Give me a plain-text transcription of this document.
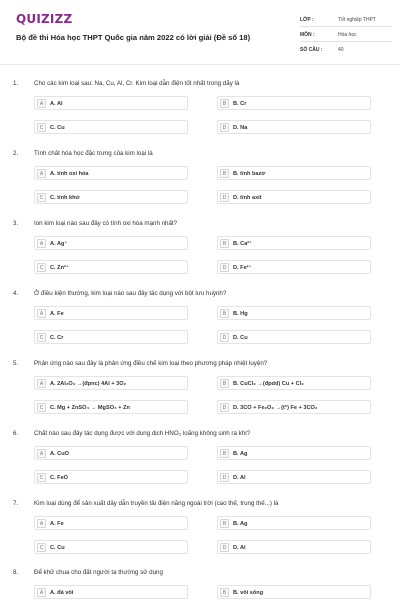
QUIZIZZ
Bộ đề thi Hóa học THPT Quốc gia năm 2022 có lời giải (Đề số 18)
LỚP :	Tốt nghiệp THPT
MÔN :	Hóa học
SỐ CÂU :	40
1.	Cho các kim loại sau: Na, Cu, Al, Cr. Kim loại dẫn điện tốt nhất trong dãy là
A	A. Al	B	B. Cr
C	C. Cu	D	D. Na
2.	Tính chất hóa học đặc trưng của kim loại là
A	A. tính oxi hóa	B	B. tính bazơ
C	C. tính khử	D	D. tính axit
3.	Ion kim loại nào sau đây có tính oxi hóa mạnh nhất?
A	A. Ag⁺	B	B. Ca²⁺
C	C. Zn²⁺	D	D. Fe²⁺
4.	Ở điều kiện thường, kim loại nào sau đây tác dụng với bột lưu huỳnh?
A	A. Fe	B	B. Hg
C	C. Cr	D	D. Cu
5.	Phản ứng nào sau đây là phản ứng điều chế kim loại theo phương pháp nhiệt luyện?
A	A. 2Al₂O₃ →(đpnc) 4Al + 3O₂	B	B. CuCl₂ →(đpdd) Cu + Cl₂
C	C. Mg + ZnSO₄ → MgSO₄ + Zn	D	D. 3CO + Fe₂O₃ →(t°) Fe + 3CO₂
6.	Chất nào sau đây tác dụng được với dung dịch HNO₃ loãng không sinh ra khí?
A	A. CuO	B	B. Ag
C	C. FeO	D	D. Al
7.	Kim loại dùng để sản xuất dây dẫn truyền tải điện năng ngoài trời (cao thế, trung thế...) là
A	A. Fe	B	B. Ag
C	C. Cu	D	D. Al
8.	Để khử chua cho đất người ta thường sử dụng
A	A. đá vôi	B	B. vôi sống
